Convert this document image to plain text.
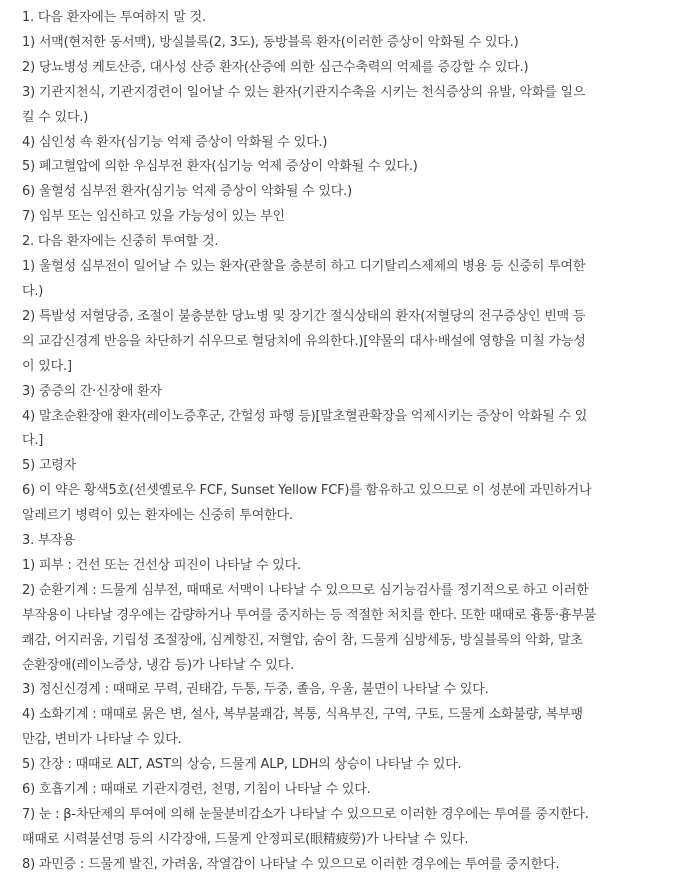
1. 다음 환자에는 투여하지 말 것.
1) 서맥(현저한 동서맥), 방실블록(2, 3도), 동방블록 환자(이러한 증상이 악화될 수 있다.)
2) 당뇨병성 케토산증, 대사성 산증 환자(산증에 의한 심근수축력의 억제를 증강할 수 있다.)
3) 기관지천식, 기관지경련이 일어날 수 있는 환자(기관지수축을 시키는 천식증상의 유발, 악화를 일으
킬 수 있다.)
4) 심인성 쇽 환자(심기능 억제 증상이 악화될 수 있다.)
5) 폐고혈압에 의한 우심부전 환자(심기능 억제 증상이 악화될 수 있다.)
6) 울혈성 심부전 환자(심기능 억제 증상이 악화될 수 있다.)
7) 임부 또는 임신하고 있을 가능성이 있는 부인
2. 다음 환자에는 신중히 투여할 것.
1) 울혈성 심부전이 일어날 수 있는 환자(관찰을 충분히 하고 디기탈리스제제의 병용 등 신중히 투여한
다.)
2) 특발성 저혈당증, 조절이 불충분한 당뇨병 및 장기간 절식상태의 환자(저혈당의 전구증상인 빈맥 등
의 교감신경계 반응을 차단하기 쉬우므로 혈당치에 유의한다.)[약물의 대사·배설에 영향을 미칠 가능성
이 있다.]
3) 중증의 간·신장애 환자
4) 말초순환장애 환자(레이노증후군, 간헐성 파행 등)[말초혈관확장을 억제시키는 증상이 악화될 수 있
다.]
5) 고령자
6) 이 약은 황색5호(선셋옐로우 FCF, Sunset Yellow FCF)를 함유하고 있으므로 이 성분에 과민하거나
알레르기 병력이 있는 환자에는 신중히 투여한다.
3. 부작용
1) 피부 : 건선 또는 건선상 피진이 나타날 수 있다.
2) 순환기계 : 드물게 심부전, 때때로 서맥이 나타날 수 있으므로 심기능검사를 정기적으로 하고 이러한
부작용이 나타날 경우에는 감량하거나 투여를 중지하는 등 적절한 처치를 한다. 또한 때때로 흉통·흉부불
쾌감, 어지러움, 기립성 조절장애, 심계항진, 저혈압, 숨이 참, 드물게 심방세동, 방실블록의 악화, 말초
순환장애(레이노증상, 냉감 등)가 나타날 수 있다.
3) 정신신경계 : 때때로 무력, 권태감, 두통, 두중, 졸음, 우울, 불면이 나타날 수 있다.
4) 소화기계 : 때때로 묽은 변, 설사, 복부불쾌감, 복통, 식욕부진, 구역, 구토, 드물게 소화불량, 복부팽
만감, 변비가 나타날 수 있다.
5) 간장 : 때때로 ALT, AST의 상승, 드물게 ALP, LDH의 상승이 나타날 수 있다.
6) 호흡기계 : 때때로 기관지경련, 천명, 기침이 나타날 수 있다.
7) 눈 : β-차단제의 투여에 의해 눈물분비감소가 나타날 수 있으므로 이러한 경우에는 투여를 중지한다.
때때로 시력불선명 등의 시각장애, 드물게 안정피로(眼精疲勞)가 나타날 수 있다.
8) 과민증 : 드물게 발진, 가려움, 작열감이 나타날 수 있으므로 이러한 경우에는 투여를 중지한다.
